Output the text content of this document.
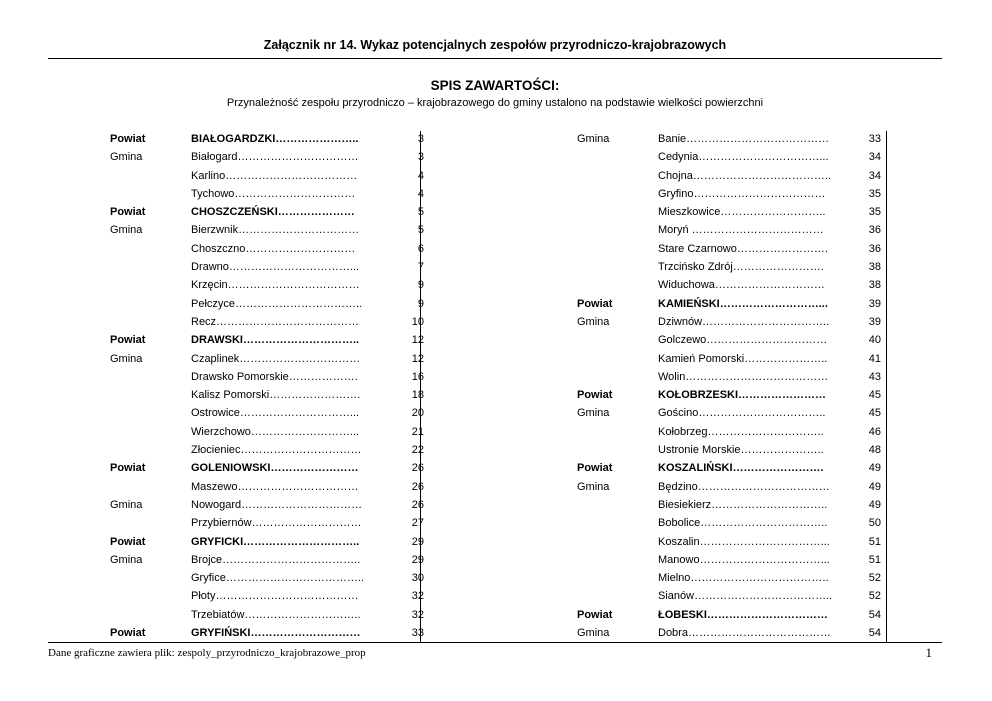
Załącznik nr 14. Wykaz potencjalnych zespołów przyrodniczo-krajobrazowych
SPIS ZAWARTOŚCI:
Przynależność zespołu przyrodniczo – krajobrazowego do gminy ustalono na podstawie wielkości powierzchni
Powiat	BIAŁOGARDZKI…………………..	3
Gmina	Białogard……………………………	3
Karlino………………………………	4
Tychowo……………………………	4
Powiat	CHOSZCZEŃSKI…………………	5
Gmina	Bierzwnik……………………………	5
Choszczno…………………………	6
Drawno……………………………...	7
Krzęcin………………………………	9
Pełczyce……………………………..	9
Recz…………………………………	10
Powiat	DRAWSKI…………………………..	12
Gmina	Czaplinek……………………………	12
Drawsko Pomorskie……………….	16
Kalisz Pomorski…………………….	18
Ostrowice…………………………...	20
Wierzchowo………………………...	21
Złocieniec……………………………	22
Powiat	GOLENIOWSKI……………………	26
Maszewo……………………………	26
Gmina	Nowogard……………………………	26
Przybiernów…………………………	27
Powiat	GRYFICKI…………………………..	29
Gmina	Brojce………………………………..	29
Gryfice………………………………..	30
Płoty…………………………………	32
Trzebiatów…………………………..	32
Powiat	GRYFIŃSKI…………………………	33
Gmina	Banie…………………………………	33
Cedynia……………………………...	34
Chojna………………………………..	34
Gryfino………………………………	35
Mieszkowice………………………..	35
Moryń ………………………………	36
Stare Czarnowo…………………….	36
Trzcińsko Zdrój…………………….	38
Widuchowa…………………………	38
Powiat	KAMIEŃSKI………………………...	39
Gmina	Dziwnów……………………………..	39
Golczewo……………………………	40
Kamień Pomorski…………………..	41
Wolin…………………………………	43
Powiat	KOŁOBRZESKI……………………	45
Gmina	Gościno……………………………..	45
Kołobrzeg…………………………..	46
Ustronie Morskie…………………..	48
Powiat	KOSZALIŃSKI…………………….	49
Gmina	Będzino………………………………	49
Biesiekierz…………………………..	49
Bobolice……………………………..	50
Koszalin……………………………...	51
Manowo……………………………...	51
Mielno………………………………..	52
Sianów………………………………..	52
Powiat	ŁOBESKI……………………………	54
Gmina	Dobra…………………………………	54
Dane graficzne zawiera plik: zespoly_przyrodniczo_krajobrazowe_prop	1
